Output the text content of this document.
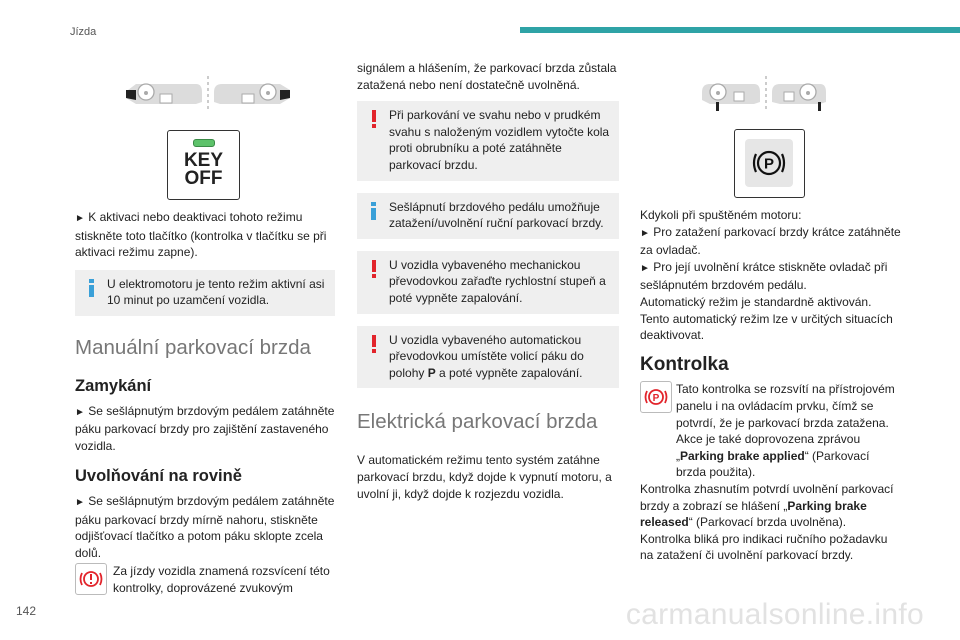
Jízda
KEY
OFF

► K aktivaci nebo deaktivaci tohoto režimu stiskněte toto tlačítko (kontrolka v tlačítku se při aktivaci režimu zapne).

U elektromotoru je tento režim aktivní asi 10 minut po uzamčení vozidla.
Manuální parkovací brzda
Zamykání

► Se sešlápnutým brzdovým pedálem zatáhněte páku parkovací brzdy pro zajištění zastaveného vozidla.

Uvolňování na rovině

► Se sešlápnutým brzdovým pedálem zatáhněte páku parkovací brzdy mírně nahoru, stiskněte odjišťovací tlačítko a potom páku sklopte zcela dolů.

Za jízdy vozidla znamená rozsvícení této kontrolky, doprovázené zvukovým

signálem a hlášením, že parkovací brzda zůstala zatažená nebo není dostatečně uvolněná.

Při parkování ve svahu nebo v prudkém svahu s naloženým vozidlem vytočte kola proti obrubníku a poté zatáhněte parkovací brzdu.
Sešlápnutí brzdového pedálu umožňuje zatažení/uvolnění ruční parkovací brzdy.
U vozidla vybaveného mechanickou převodovkou zařaďte rychlostní stupeň a poté vypněte zapalování.
U vozidla vybaveného automatickou převodovkou umístěte volicí páku do polohy P a poté vypněte zapalování.
Elektrická parkovací brzda

V automatickém režimu tento systém zatáhne parkovací brzdu, když dojde k vypnutí motoru, a uvolní ji, když dojde k rozjezdu vozidla.

P

Kdykoli při spuštěném motoru:

► Pro zatažení parkovací brzdy krátce zatáhněte za ovladač.

► Pro její uvolnění krátce stiskněte ovladač při sešlápnutém brzdovém pedálu.

Automatický režim je standardně aktivován.

Tento automatický režim lze v určitých situacích deaktivovat.

Kontrolka
P
Tato kontrolka se rozsvítí na přístrojovém panelu i na ovládacím prvku, čímž se potvrdí, že je parkovací brzda zatažena. Akce je také doprovozena zprávou „Parking brake applied“ (Parkovací brzda použita).

Kontrolka zhasnutím potvrdí uvolnění parkovací brzdy a zobrazí se hlášení „Parking brake released“ (Parkovací brzda uvolněna).

Kontrolka bliká pro indikaci ručního požadavku na zatažení či uvolnění parkovací brzdy.

142	carmanualsonline.info
